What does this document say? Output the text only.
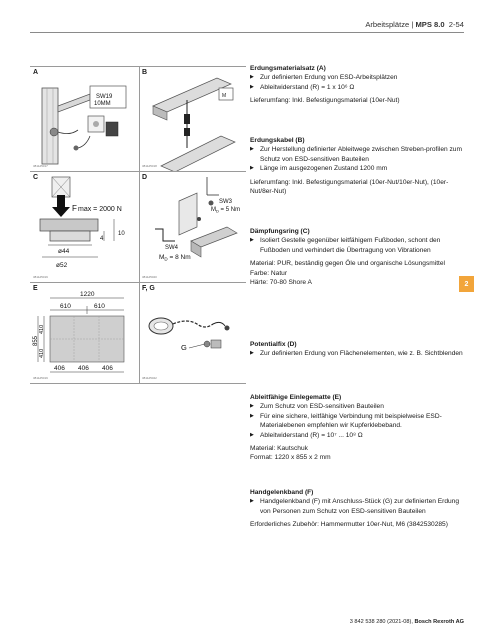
Arbeitsplätze | MPS 8.0 2-54
A
SW19
10MM
3811d5017
B
M
3811d5018
C
F max = 2000 N
ø44
ø52
4
10
3811d5019
D
SW3
$M_D = 5$ Nm
SW4
$M_D = 8$ Nm
3811d5020
E
1220
610	610
855
410
410
406 406 406
3811d5019
F, G
G
3811d5022
Erdungsmaterialsatz (A)
▶ Zur definierten Erdung von ESD-Arbeitsplätzen
▶ Ableitwiderstand (R) = 1 x 10⁶ Ω

Lieferumfang: Inkl. Befestigungsmaterial (10er-Nut)

Erdungskabel (B)
▶ Zur Herstellung definierter Ableitwege zwischen Streben-profilen zum Schutz von ESD-sensitiven Bauteilen
▶ Länge im ausgezogenen Zustand 1200 mm

Lieferumfang: Inkl. Befestigungsmaterial (10er-Nut/10er-Nut), (10er-Nut/8er-Nut)

Dämpfungsring (C)
▶ Isoliert Gestelle gegenüber leitfähigem Fußboden, schont den Fußboden und verhindert die Übertragung von Vibrationen

Material: PUR, beständig gegen Öle und organische Lösungsmittel
Farbe: Natur
Härte: 70-80 Shore A

Potentialfix (D)
▶ Zur definierten Erdung von Flächenelementen, wie z. B. Sichtblenden
Ableitfähige Einlegematte (E)
▶ Zum Schutz von ESD-sensitiven Bauteilen
▶ Für eine sichere, leitfähige Verbindung mit beispielweise ESD-Materialebenen empfehlen wir Kupferklebeband.
▶ Ableitwiderstand (R) = 10⁷ ... 10⁸ Ω

Material: Kautschuk
Format: 1220 x 855 x 2 mm

Handgelenkband (F)
▶ Handgelenkband (F) mit Anschluss-Stück (G) zur definierten Erdung von Personen zum Schutz von ESD-sensitiven Bauteilen

Erforderliches Zubehör: Hammermutter 10er-Nut, M6 (3842530285)

2
3 842 538 280 (2021-08), Bosch Rexroth AG
